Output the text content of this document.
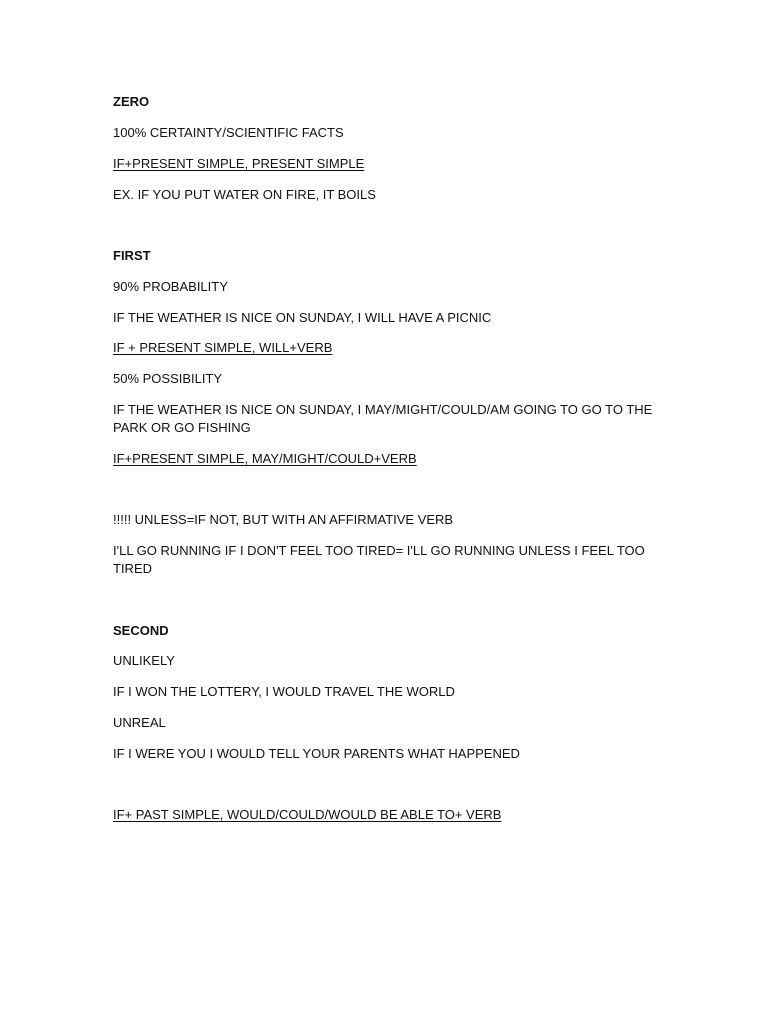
ZERO
100% CERTAINTY/SCIENTIFIC FACTS
IF+PRESENT SIMPLE, PRESENT SIMPLE
EX. IF YOU PUT WATER ON FIRE, IT BOILS
FIRST
90% PROBABILITY
IF THE WEATHER IS NICE ON SUNDAY, I WILL HAVE A PICNIC
IF + PRESENT SIMPLE, WILL+VERB
50% POSSIBILITY
IF THE WEATHER IS NICE ON SUNDAY, I MAY/MIGHT/COULD/AM GOING TO GO TO THE PARK OR GO FISHING
IF+PRESENT SIMPLE, MAY/MIGHT/COULD+VERB
!!!!! UNLESS=IF NOT, BUT WITH AN AFFIRMATIVE VERB
I'LL GO RUNNING IF I DON'T FEEL TOO TIRED= I'LL GO RUNNING UNLESS I FEEL TOO TIRED
SECOND
UNLIKELY
IF I WON THE LOTTERY, I WOULD TRAVEL THE WORLD
UNREAL
IF I WERE YOU I WOULD TELL YOUR PARENTS WHAT HAPPENED
IF+ PAST SIMPLE, WOULD/COULD/WOULD BE ABLE TO+ VERB
